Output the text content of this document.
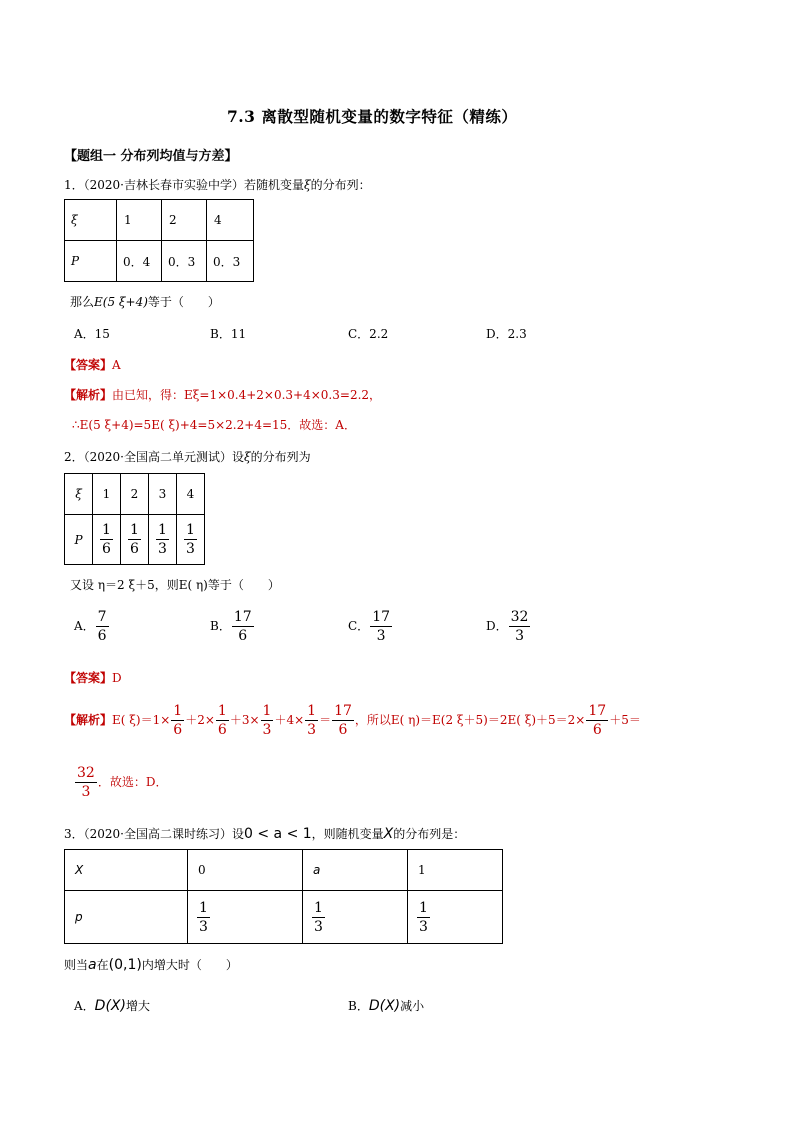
7.3 离散型随机变量的数字特征（精练）
【题组一 分布列均值与方差】
1．（2020·吉林长春市实验中学）若随机变量ξ的分布列：
ξ	1	2	4
P	0．4	0．3	0．3
那么E(5 ξ+4)等于（　　）
A．15	B．11	C．2.2	D．2.3
【答案】A
【解析】由已知，得：Eξ=1×0.4+2×0.3+4×0.3=2.2，
∴E(5 ξ+4)=5E( ξ)+4=5×2.2+4=15．故选：A．
2．（2020·全国高二单元测试）设ξ的分布列为
ξ	1	2	3	4
P	$\frac{1}{6}$	$\frac{1}{6}$	$\frac{1}{3}$	$\frac{1}{3}$
又设 η＝2 ξ＋5，则E( η)等于（　　）
A． $\frac{7}{6}$	B． $\frac{17}{6}$	C． $\frac{17}{3}$	D． $\frac{32}{3}$
【答案】D
【解析】E( $\xi)=1\times \frac{1}{6} +2\times \frac{1}{6} +3\times \frac{1}{3} +4\times \frac{1}{3} = \frac{17}{6}$ ，所以E( η)＝E(2 ξ＋5)＝2E( $\xi)+5=2\times \frac{17}{6} +5=$
$\frac{32}{3}$ ．故选：D．
3．（2020·全国高二课时练习）设0 < a < 1，则随机变量X的分布列是：
X	0	a	1
p	$\frac{1}{3}$	$\frac{1}{3}$	$\frac{1}{3}$
则当a在(0,1)内增大时（　　）
A．D(X)增大	B．D(X)减小
